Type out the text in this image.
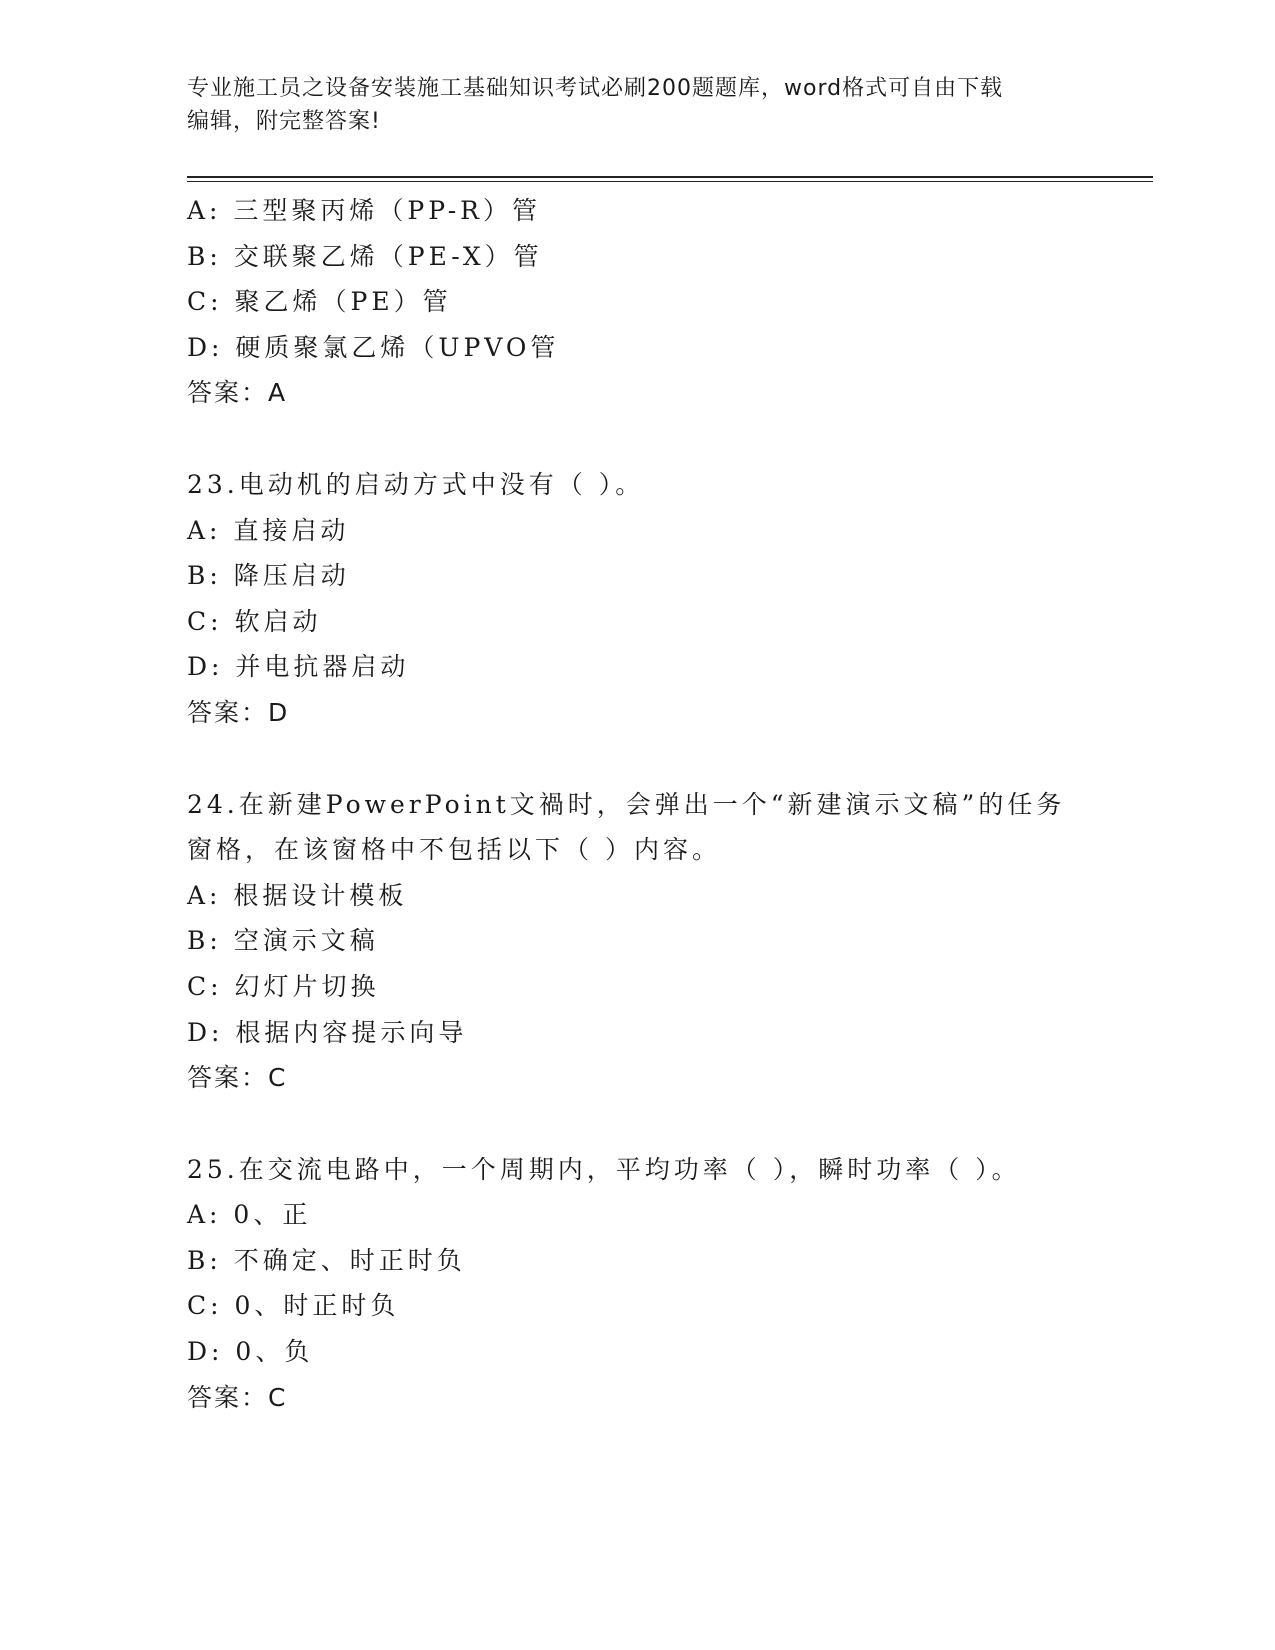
专业施工员之设备安装施工基础知识考试必刷200题题库，word格式可自由下载
编辑，附完整答案!
A: 三型聚丙烯（PP-R）管
B: 交联聚乙烯（PE-X）管
C: 聚乙烯（PE）管
D: 硬质聚氯乙烯（UPVO管
答案：A
23.电动机的启动方式中没有（ ）。
A: 直接启动
B: 降压启动
C: 软启动
D: 并电抗器启动
答案：D
24.在新建PowerPoint文禍时，会弹出一个“新建演示文稿”的任务
窗格，在该窗格中不包括以下（ ）内容。
A: 根据设计模板
B: 空演示文稿
C: 幻灯片切换
D: 根据内容提示向导
答案：C
25.在交流电路中，一个周期内，平均功率（ ），瞬时功率（ ）。
A: 0、正
B: 不确定、时正时负
C: 0、时正时负
D: 0、负
答案：C
